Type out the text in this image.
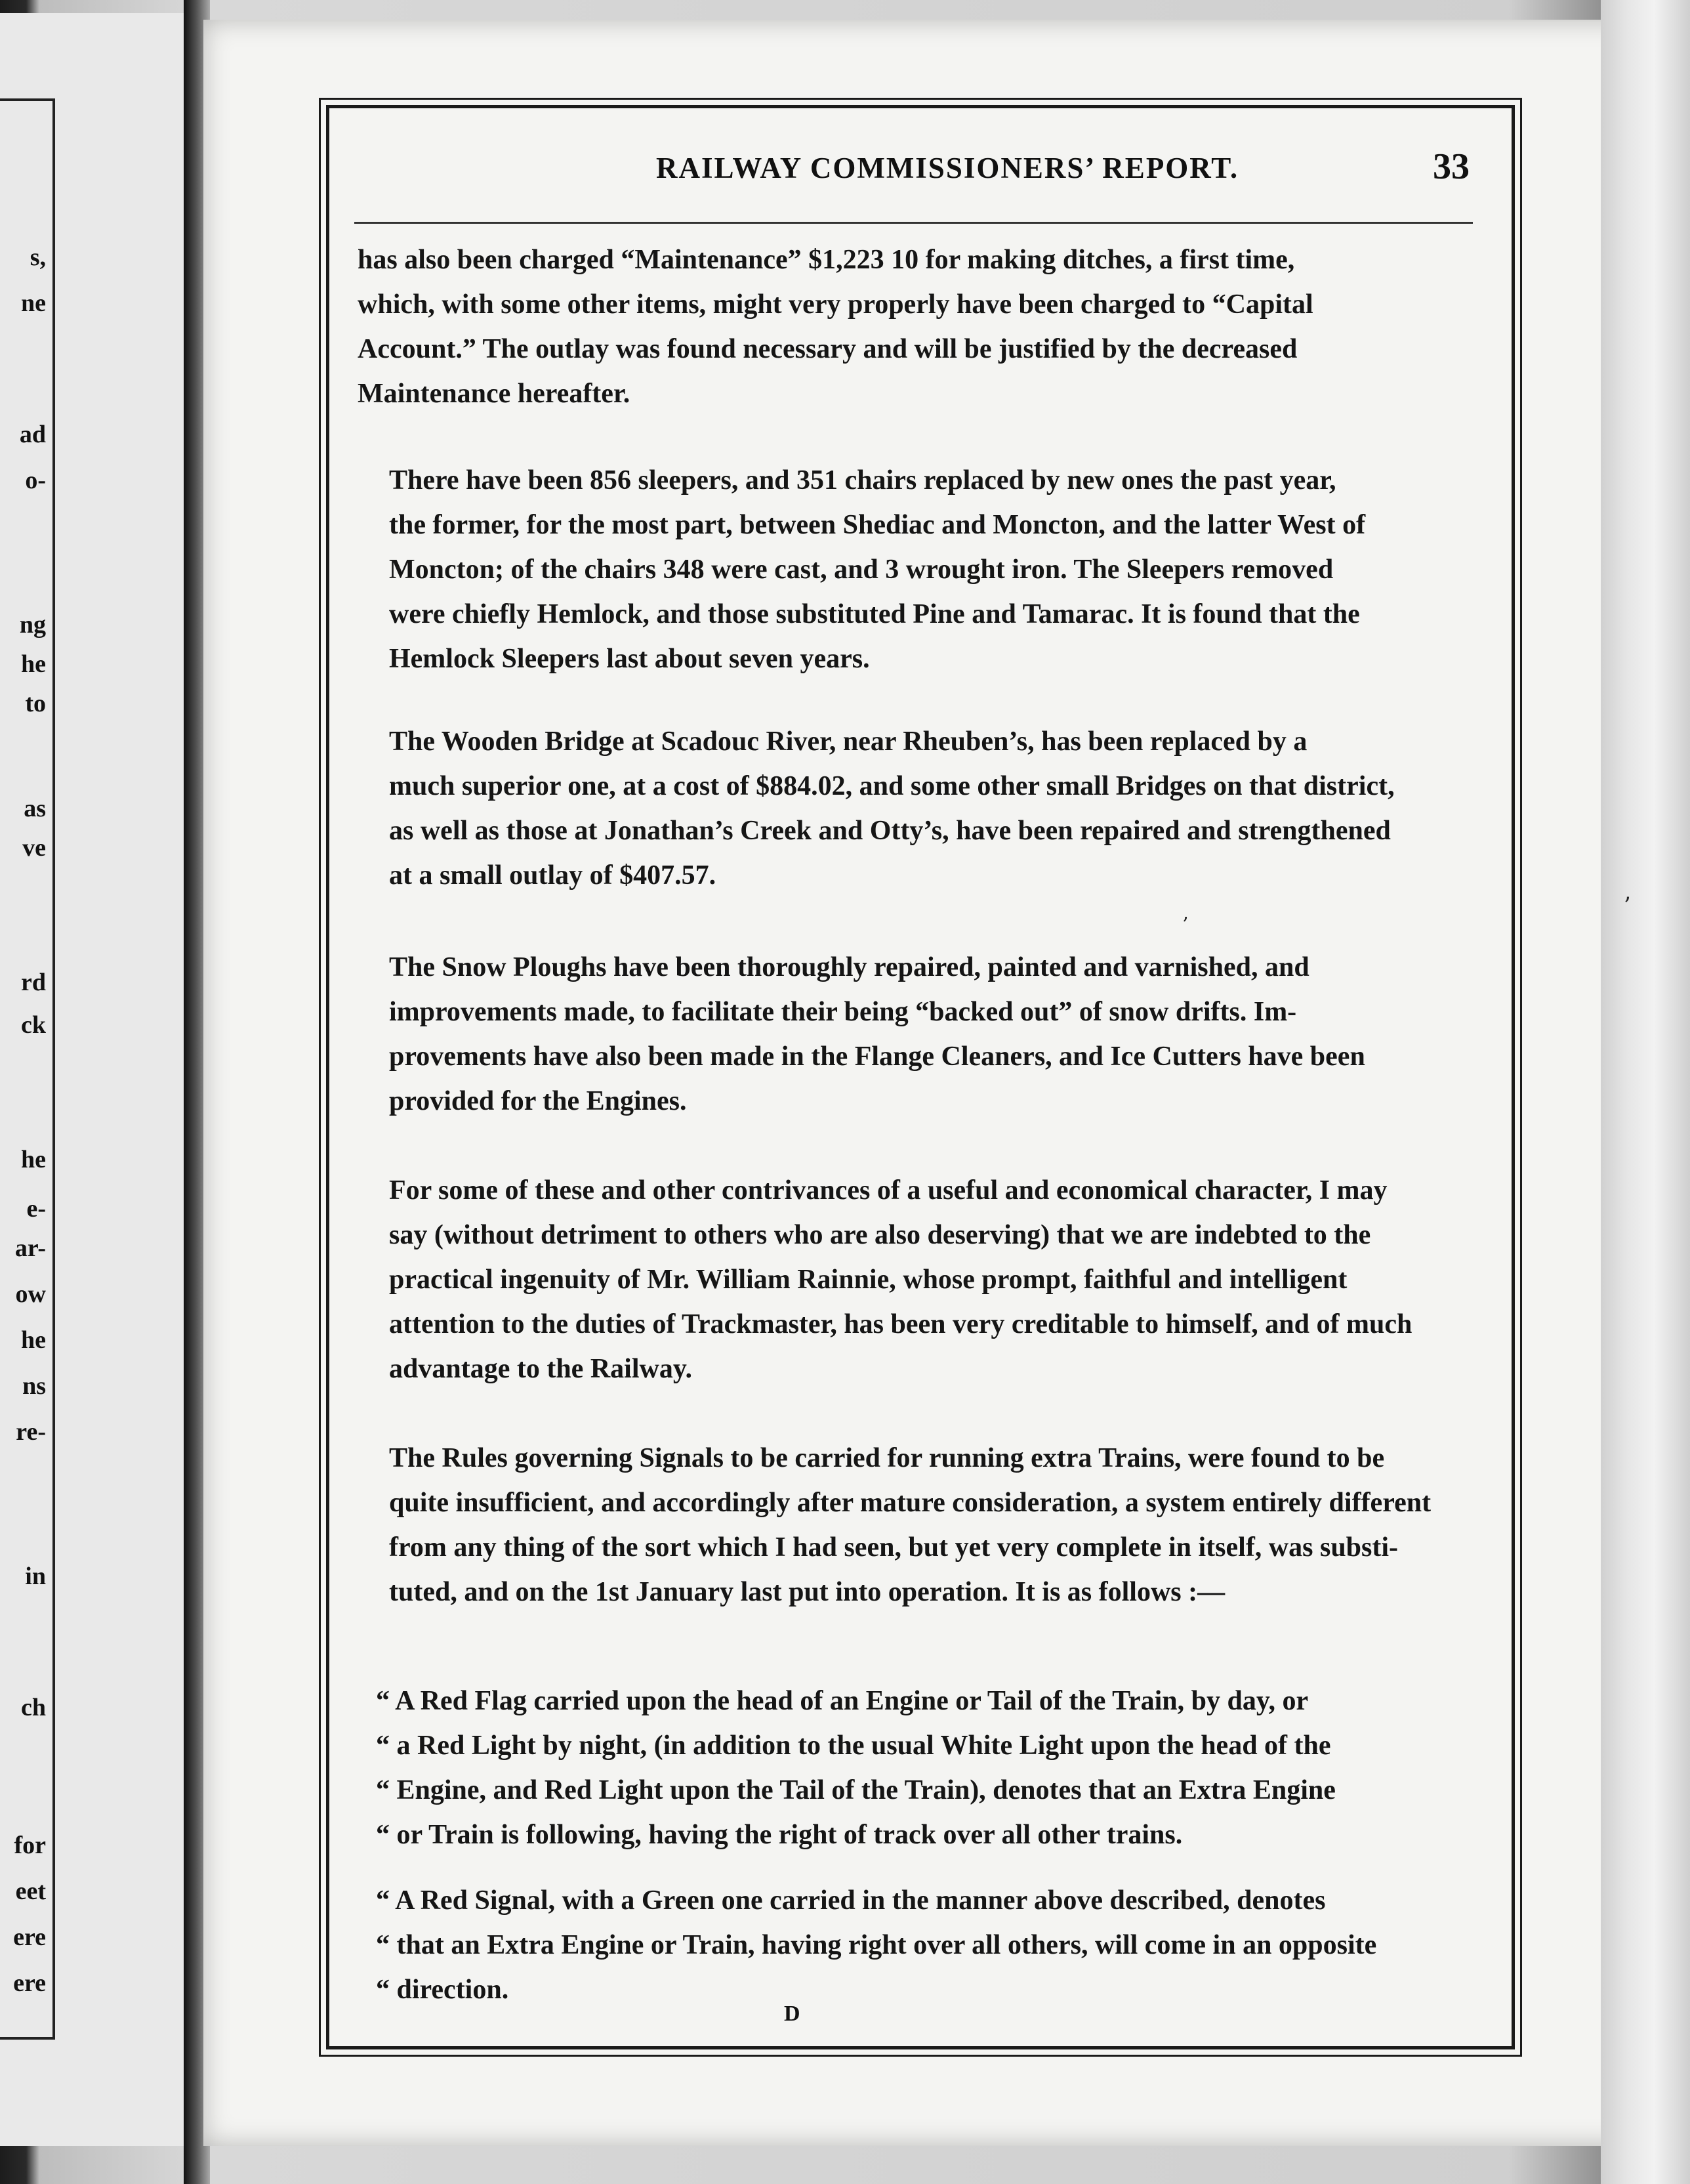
s,
ne
ad
o-
ng
he
to
as
ve
rd
ck
he
e-
ar-
ow
he
ns
re-
in
ch
for
eet
ere
ere
’
RAILWAY COMMISSIONERS’ REPORT.	33
has also been charged “Maintenance” $1,223 10 for making ditches, a first time,
which, with some other items, might very properly have been charged to “Capital
Account.” The outlay was found necessary and will be justified by the decreased
Maintenance hereafter.
There have been 856 sleepers, and 351 chairs replaced by new ones the past year,
the former, for the most part, between Shediac and Moncton, and the latter West of
Moncton; of the chairs 348 were cast, and 3 wrought iron. The Sleepers removed
were chiefly Hemlock, and those substituted Pine and Tamarac. It is found that the
Hemlock Sleepers last about seven years.
The Wooden Bridge at Scadouc River, near Rheuben’s, has been replaced by a
much superior one, at a cost of $884.02, and some other small Bridges on that district,
as well as those at Jonathan’s Creek and Otty’s, have been repaired and strengthened
at a small outlay of $407.57.
’
The Snow Ploughs have been thoroughly repaired, painted and varnished, and
improvements made, to facilitate their being “backed out” of snow drifts. Im-
provements have also been made in the Flange Cleaners, and Ice Cutters have been
provided for the Engines.
For some of these and other contrivances of a useful and economical character, I may
say (without detriment to others who are also deserving) that we are indebted to the
practical ingenuity of Mr. William Rainnie, whose prompt, faithful and intelligent
attention to the duties of Trackmaster, has been very creditable to himself, and of much
advantage to the Railway.
The Rules governing Signals to be carried for running extra Trains, were found to be
quite insufficient, and accordingly after mature consideration, a system entirely different
from any thing of the sort which I had seen, but yet very complete in itself, was substi-
tuted, and on the 1st January last put into operation. It is as follows :—
“ A Red Flag carried upon the head of an Engine or Tail of the Train, by day, or
“ a Red Light by night, (in addition to the usual White Light upon the head of the
“ Engine, and Red Light upon the Tail of the Train), denotes that an Extra Engine
“ or Train is following, having the right of track over all other trains.
“ A Red Signal, with a Green one carried in the manner above described, denotes
“ that an Extra Engine or Train, having right over all others, will come in an opposite
“ direction.
D
